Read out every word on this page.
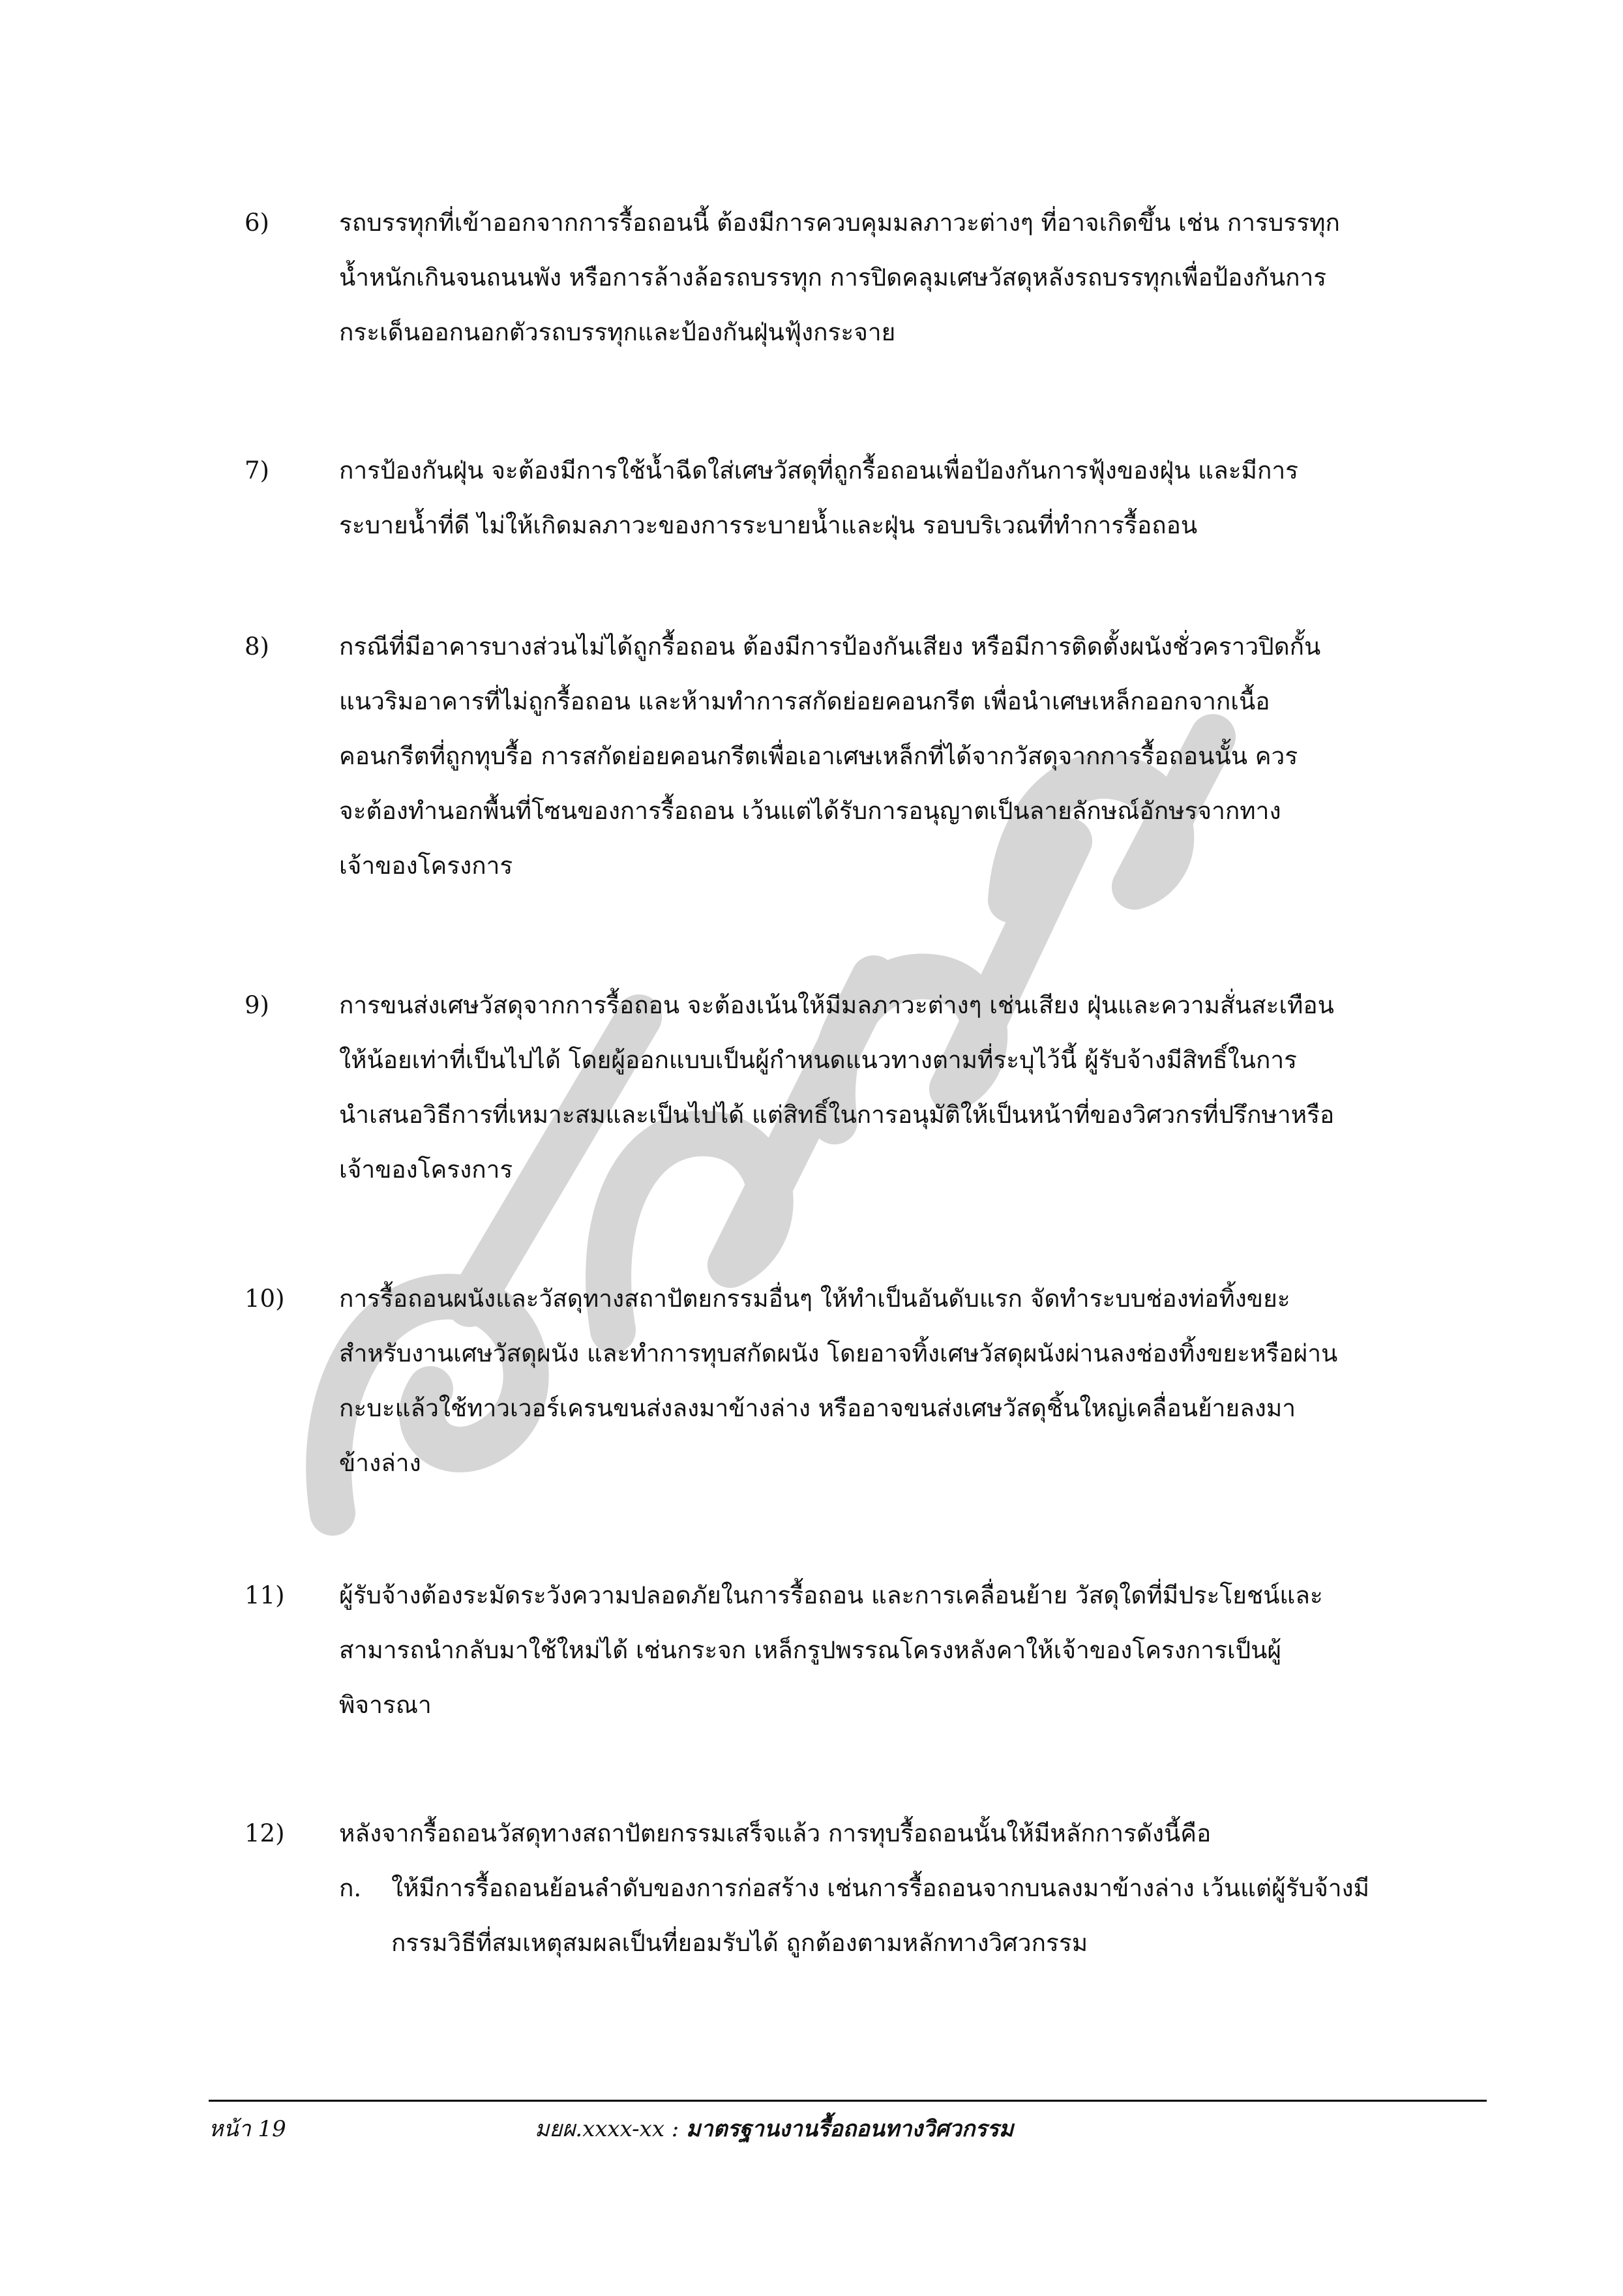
6)	รถบรรทุกที่เข้าออกจากการรื้อถอนนี้ ต้องมีการควบคุมมลภาวะต่างๆ ที่อาจเกิดขึ้น เช่น การบรรทุก
น้ำหนักเกินจนถนนพัง หรือการล้างล้อรถบรรทุก การปิดคลุมเศษวัสดุหลังรถบรรทุกเพื่อป้องกันการ
กระเด็นออกนอกตัวรถบรรทุกและป้องกันฝุ่นฟุ้งกระจาย
7)	การป้องกันฝุ่น จะต้องมีการใช้น้ำฉีดใส่เศษวัสดุที่ถูกรื้อถอนเพื่อป้องกันการฟุ้งของฝุ่น และมีการ
ระบายน้ำที่ดี ไม่ให้เกิดมลภาวะของการระบายน้ำและฝุ่น รอบบริเวณที่ทำการรื้อถอน
8)	กรณีที่มีอาคารบางส่วนไม่ได้ถูกรื้อถอน ต้องมีการป้องกันเสียง หรือมีการติดตั้งผนังชั่วคราวปิดกั้น
แนวริมอาคารที่ไม่ถูกรื้อถอน และห้ามทำการสกัดย่อยคอนกรีต เพื่อนำเศษเหล็กออกจากเนื้อ
คอนกรีตที่ถูกทุบรื้อ การสกัดย่อยคอนกรีตเพื่อเอาเศษเหล็กที่ได้จากวัสดุจากการรื้อถอนนั้น ควร
จะต้องทำนอกพื้นที่โซนของการรื้อถอน เว้นแต่ได้รับการอนุญาตเป็นลายลักษณ์อักษรจากทาง
เจ้าของโครงการ
9)	การขนส่งเศษวัสดุจากการรื้อถอน จะต้องเน้นให้มีมลภาวะต่างๆ เช่นเสียง ฝุ่นและความสั่นสะเทือน
ให้น้อยเท่าที่เป็นไปได้ โดยผู้ออกแบบเป็นผู้กำหนดแนวทางตามที่ระบุไว้นี้ ผู้รับจ้างมีสิทธิ์ในการ
นำเสนอวิธีการที่เหมาะสมและเป็นไปได้ แต่สิทธิ์ในการอนุมัติให้เป็นหน้าที่ของวิศวกรที่ปรึกษาหรือ
เจ้าของโครงการ
10) การรื้อถอนผนังและวัสดุทางสถาปัตยกรรมอื่นๆ ให้ทำเป็นอันดับแรก จัดทำระบบช่องท่อทิ้งขยะ
สำหรับงานเศษวัสดุผนัง และทำการทุบสกัดผนัง โดยอาจทิ้งเศษวัสดุผนังผ่านลงช่องทิ้งขยะหรือผ่าน
กะบะแล้วใช้ทาวเวอร์เครนขนส่งลงมาข้างล่าง หรืออาจขนส่งเศษวัสดุชิ้นใหญ่เคลื่อนย้ายลงมา
ข้างล่าง
11) ผู้รับจ้างต้องระมัดระวังความปลอดภัยในการรื้อถอน และการเคลื่อนย้าย วัสดุใดที่มีประโยชน์และ
สามารถนำกลับมาใช้ใหม่ได้ เช่นกระจก เหล็กรูปพรรณโครงหลังคาให้เจ้าของโครงการเป็นผู้
พิจารณา
12) หลังจากรื้อถอนวัสดุทางสถาปัตยกรรมเสร็จแล้ว การทุบรื้อถอนนั้นให้มีหลักการดังนี้คือ
ก. ให้มีการรื้อถอนย้อนลำดับของการก่อสร้าง เช่นการรื้อถอนจากบนลงมาข้างล่าง เว้นแต่ผู้รับจ้างมี
กรรมวิธีที่สมเหตุสมผลเป็นที่ยอมรับได้ ถูกต้องตามหลักทางวิศวกรรม
หน้า 19	มยผ.xxxx-xx : มาตรฐานงานรื้อถอนทางวิศวกรรม
